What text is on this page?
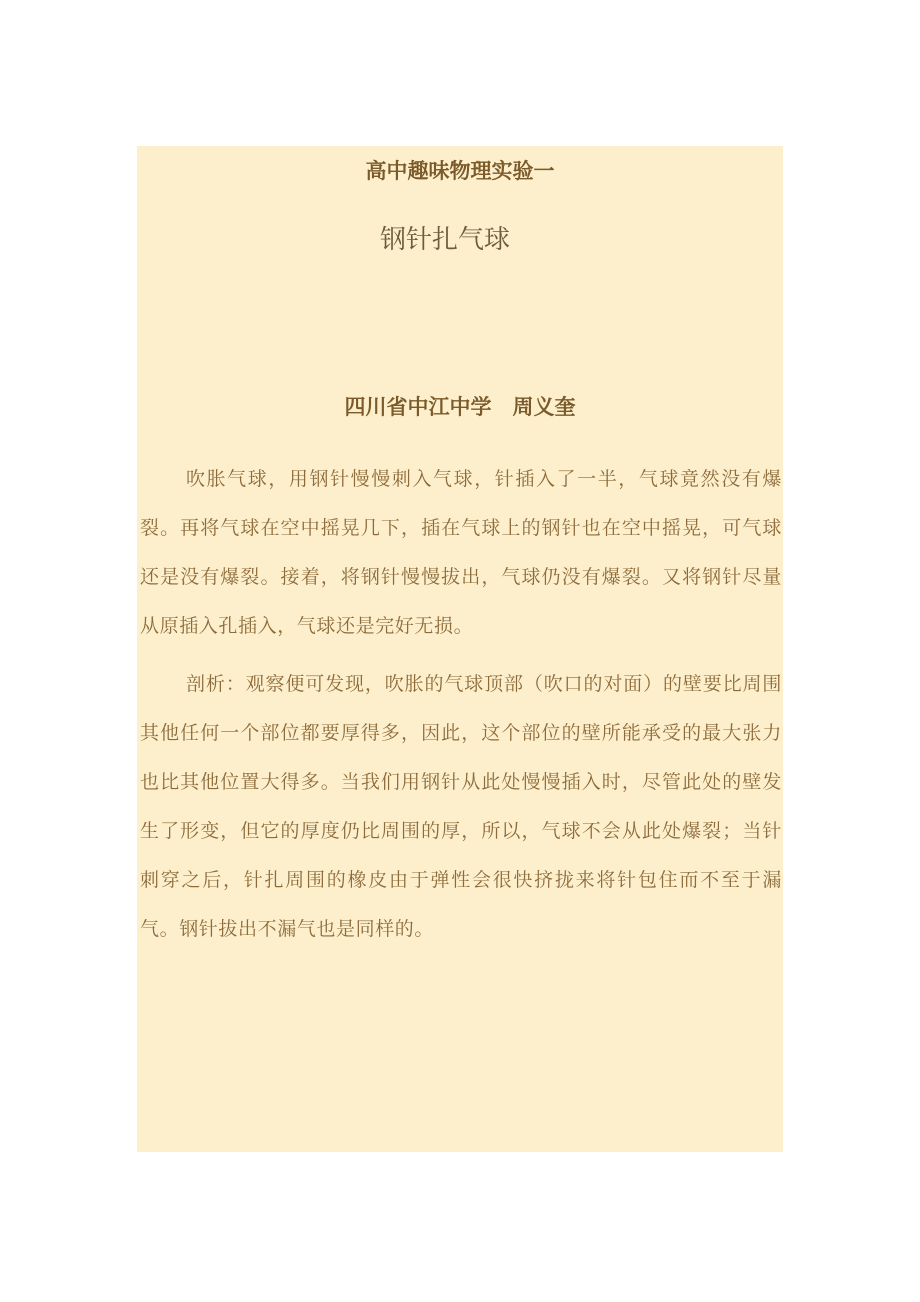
高中趣味物理实验一
钢针扎气球
四川省中江中学　周义奎

吹胀气球，用钢针慢慢刺入气球，针插入了一半，气球竟然没有爆裂。再将气球在空中摇晃几下，插在气球上的钢针也在空中摇晃，可气球还是没有爆裂。接着，将钢针慢慢拔出，气球仍没有爆裂。又将钢针尽量从原插入孔插入，气球还是完好无损。

剖析：观察便可发现，吹胀的气球顶部（吹口的对面）的壁要比周围其他任何一个部位都要厚得多，因此，这个部位的壁所能承受的最大张力也比其他位置大得多。当我们用钢针从此处慢慢插入时，尽管此处的壁发生了形变，但它的厚度仍比周围的厚，所以，气球不会从此处爆裂；当针刺穿之后，针扎周围的橡皮由于弹性会很快挤拢来将针包住而不至于漏气。钢针拔出不漏气也是同样的。
